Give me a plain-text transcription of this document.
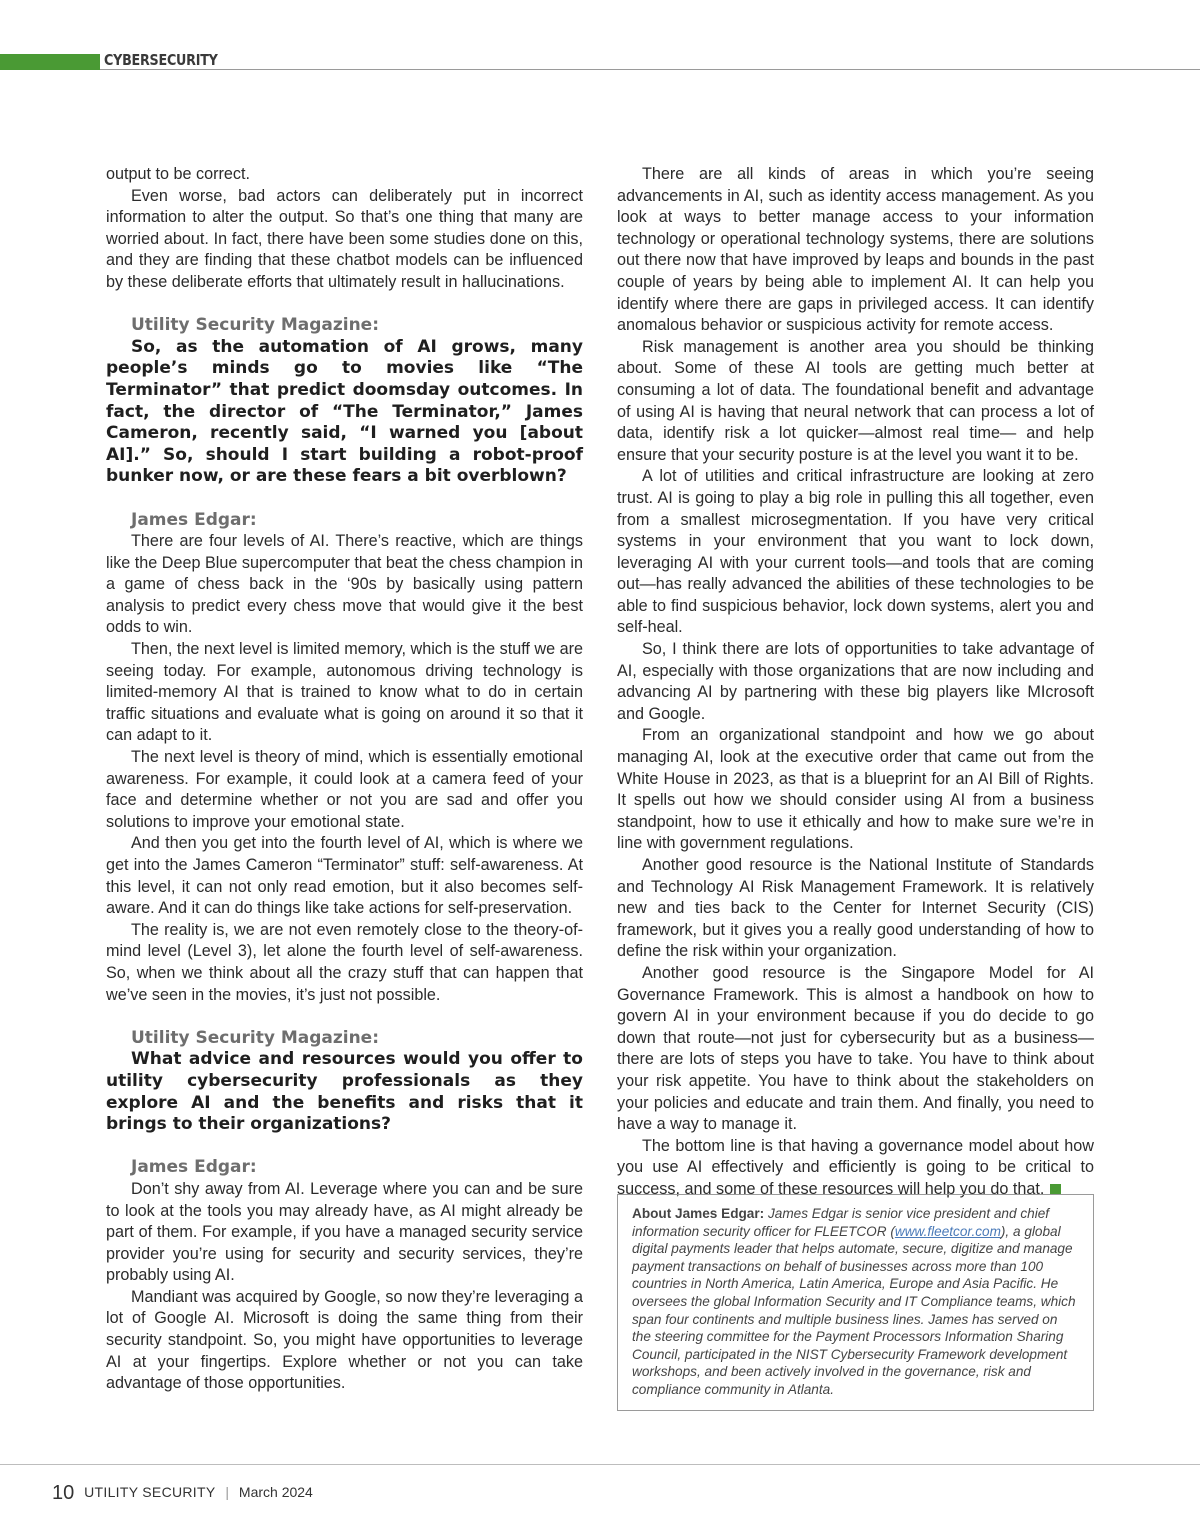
CYBERSECURITY

output to be correct.

Even worse, bad actors can deliberately put in incorrect information to alter the output. So that’s one thing that many are worried about. In fact, there have been some studies done on this, and they are finding that these chatbot models can be influenced by these deliberate efforts that ultimately result in hallucinations.

Utility Security Magazine:

So, as the automation of AI grows, many people’s minds go to movies like “The Terminator” that predict doomsday outcomes. In fact, the director of “The Terminator,” James Cameron, recently said, “I warned you [about AI].” So, should I start building a robot-proof bunker now, or are these fears a bit overblown?

James Edgar:

There are four levels of AI. There’s reactive, which are things like the Deep Blue supercomputer that beat the chess champion in a game of chess back in the ‘90s by basically using pattern analysis to predict every chess move that would give it the best odds to win.

Then, the next level is limited memory, which is the stuff we are seeing today. For example, autonomous driving technology is limited-memory AI that is trained to know what to do in certain traffic situations and evaluate what is going on around it so that it can adapt to it.

The next level is theory of mind, which is essentially emotional awareness. For example, it could look at a camera feed of your face and determine whether or not you are sad and offer you solutions to improve your emotional state.

And then you get into the fourth level of AI, which is where we get into the James Cameron “Terminator” stuff: self-awareness. At this level, it can not only read emotion, but it also becomes self-aware. And it can do things like take actions for self-preservation.

The reality is, we are not even remotely close to the theory-of-mind level (Level 3), let alone the fourth level of self-awareness. So, when we think about all the crazy stuff that can happen that we’ve seen in the movies, it’s just not possible.

Utility Security Magazine:

What advice and resources would you offer to utility cybersecurity professionals as they explore AI and the benefits and risks that it brings to their organizations?

James Edgar:

Don’t shy away from AI. Leverage where you can and be sure to look at the tools you may already have, as AI might already be part of them. For example, if you have a managed security service provider you’re using for security and security services, they’re probably using AI.

Mandiant was acquired by Google, so now they’re leveraging a lot of Google AI. Microsoft is doing the same thing from their security standpoint. So, you might have opportunities to leverage AI at your fingertips. Explore whether or not you can take advantage of those opportunities.

There are all kinds of areas in which you’re seeing advancements in AI, such as identity access management. As you look at ways to better manage access to your information technology or operational technology systems, there are solutions out there now that have improved by leaps and bounds in the past couple of years by being able to implement AI. It can help you identify where there are gaps in privileged access. It can identify anomalous behavior or suspicious activity for remote access.

Risk management is another area you should be thinking about. Some of these AI tools are getting much better at consuming a lot of data. The foundational benefit and advantage of using AI is having that neural network that can process a lot of data, identify risk a lot quicker—almost real time— and help ensure that your security posture is at the level you want it to be.

A lot of utilities and critical infrastructure are looking at zero trust. AI is going to play a big role in pulling this all together, even from a smallest microsegmentation. If you have very critical systems in your environment that you want to lock down, leveraging AI with your current tools—and tools that are coming out—has really advanced the abilities of these technologies to be able to find suspicious behavior, lock down systems, alert you and self-heal.

So, I think there are lots of opportunities to take advantage of AI, especially with those organizations that are now including and advancing AI by partnering with these big players like MIcrosoft and Google.

From an organizational standpoint and how we go about managing AI, look at the executive order that came out from the White House in 2023, as that is a blueprint for an AI Bill of Rights. It spells out how we should consider using AI from a business standpoint, how to use it ethically and how to make sure we’re in line with government regulations.

Another good resource is the National Institute of Standards and Technology AI Risk Management Framework. It is relatively new and ties back to the Center for Internet Security (CIS) framework, but it gives you a really good understanding of how to define the risk within your organization.

Another good resource is the Singapore Model for AI Governance Framework. This is almost a handbook on how to govern AI in your environment because if you do decide to go down that route—not just for cybersecurity but as a business—there are lots of steps you have to take. You have to think about your risk appetite. You have to think about the stakeholders on your policies and educate and train them. And finally, you need to have a way to manage it.

The bottom line is that having a governance model about how you use AI effectively and efficiently is going to be critical to success, and some of these resources will help you do that.

About James Edgar: James Edgar is senior vice president and chief information security officer for FLEETCOR (www.fleetcor.com), a global digital payments leader that helps automate, secure, digitize and manage payment transactions on behalf of businesses across more than 100 countries in North America, Latin America, Europe and Asia Pacific. He oversees the global Information Security and IT Compliance teams, which span four continents and multiple business lines. James has served on the steering committee for the Payment Processors Information Sharing Council, participated in the NIST Cybersecurity Framework development workshops, and been actively involved in the governance, risk and compliance community in Atlanta.
10 UTILITY SECURITY | March 2024
